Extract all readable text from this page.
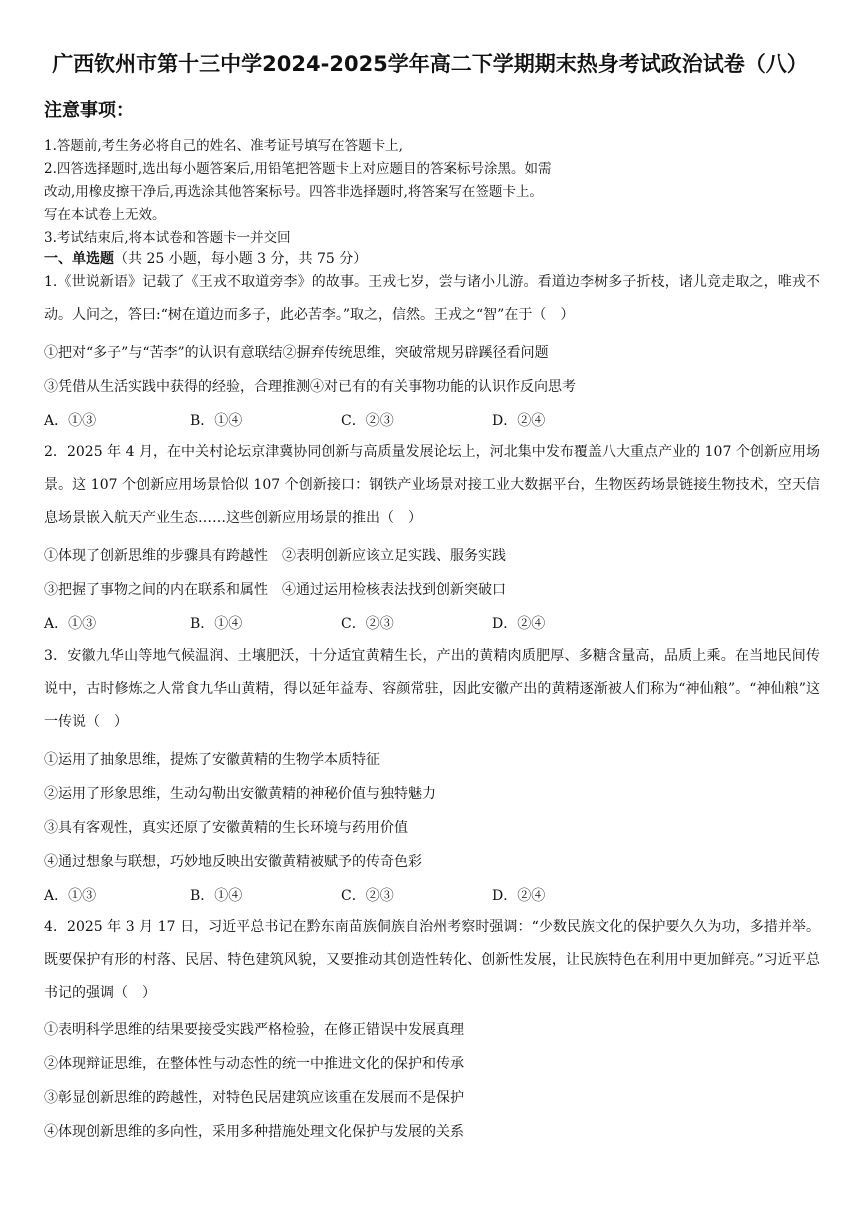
广西钦州市第十三中学2024-2025学年高二下学期期末热身考试政治试卷（八）
注意事项：
1.答题前,考生务必将自己的姓名、准考证号填写在答题卡上,
2.四答选择题时,选出每小题答案后,用铅笔把答题卡上对应题目的答案标号涂黑。如需
改动,用橡皮擦干净后,再选涂其他答案标号。四答非选择题时,将答案写在签题卡上。
写在本试卷上无效。
3.考试结束后,将本试卷和答题卡一并交回
一、单选题（共 25 小题，每小题 3 分，共 75 分）
1.《世说新语》记载了《王戎不取道旁李》的故事。王戎七岁，尝与诸小儿游。看道边李树多子折枝，诸儿竞走取之，唯戎不动。人问之，答曰:“树在道边而多子，此必苦李。”取之，信然。王戎之“智”在于（　）
①把对“多子”与“苦李”的认识有意联结②摒弃传统思维，突破常规另辟蹊径看问题
③凭借从生活实践中获得的经验，合理推测④对已有的有关事物功能的认识作反向思考
A．①③	B．①④	C．②③	D．②④
2．2025 年 4 月，在中关村论坛京津冀协同创新与高质量发展论坛上，河北集中发布覆盖八大重点产业的 107 个创新应用场景。这 107 个创新应用场景恰似 107 个创新接口：钢铁产业场景对接工业大数据平台，生物医药场景链接生物技术，空天信息场景嵌入航天产业生态……这些创新应用场景的推出（　）
①体现了创新思维的步骤具有跨越性　②表明创新应该立足实践、服务实践
③把握了事物之间的内在联系和属性　④通过运用检核表法找到创新突破口
A．①③	B．①④	C．②③	D．②④
3．安徽九华山等地气候温润、土壤肥沃，十分适宜黄精生长，产出的黄精肉质肥厚、多糖含量高，品质上乘。在当地民间传说中，古时修炼之人常食九华山黄精，得以延年益寿、容颜常驻，因此安徽产出的黄精逐渐被人们称为“神仙粮”。“神仙粮”这一传说（　）
①运用了抽象思维，提炼了安徽黄精的生物学本质特征
②运用了形象思维，生动勾勒出安徽黄精的神秘价值与独特魅力
③具有客观性，真实还原了安徽黄精的生长环境与药用价值
④通过想象与联想，巧妙地反映出安徽黄精被赋予的传奇色彩
A．①③	B．①④	C．②③	D．②④
4．2025 年 3 月 17 日，习近平总书记在黔东南苗族侗族自治州考察时强调：“少数民族文化的保护要久久为功，多措并举。既要保护有形的村落、民居、特色建筑风貌，又要推动其创造性转化、创新性发展，让民族特色在利用中更加鲜亮。”习近平总书记的强调（　）
①表明科学思维的结果要接受实践严格检验，在修正错误中发展真理
②体现辩证思维，在整体性与动态性的统一中推进文化的保护和传承
③彰显创新思维的跨越性，对特色民居建筑应该重在发展而不是保护
④体现创新思维的多向性，采用多种措施处理文化保护与发展的关系
